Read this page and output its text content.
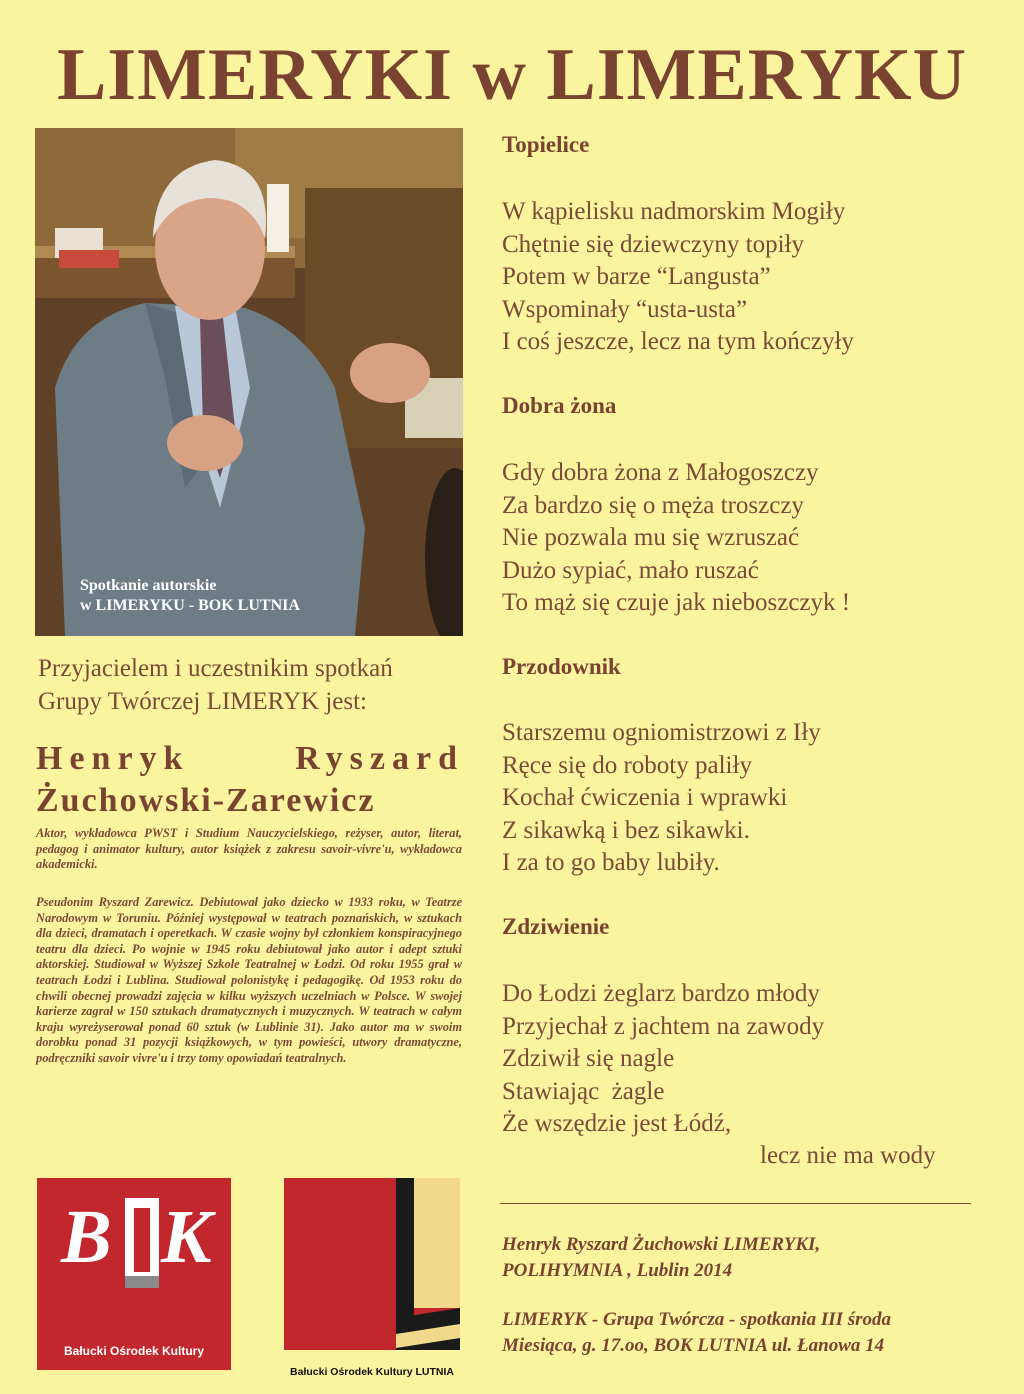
LIMERYKI w LIMERYKU
Spotkanie autorskie
w LIMERYKU - BOK LUTNIA
Przyjacielem i uczestnikim spotkań
Grupy Twórczej LIMERYK jest:
Henryk Ryszard
Żuchowski-Zarewicz
Aktor, wykładowca PWST i Studium Nauczycielskiego, reżyser, autor, literat, pedagog i animator kultury, autor książek z zakresu savoir-vivre'u, wykładowca akademicki.
Pseudonim Ryszard Zarewicz. Debiutował jako dziecko w 1933 roku, w Teatrze Narodowym w Toruniu. Później występował w teatrach poznańskich, w sztukach dla dzieci, dramatach i operetkach. W czasie wojny był członkiem konspiracyjnego teatru dla dzieci. Po wojnie w 1945 roku debiutował jako autor i adept sztuki aktorskiej. Studiował w Wyższej Szkole Teatralnej w Łodzi. Od roku 1955 grał w teatrach Łodzi i Lublina. Studiował polonistykę i pedagogikę. Od 1953 roku do chwili obecnej prowadzi zajęcia w kilku wyższych uczelniach w Polsce. W swojej karierze zagrał w 150 sztukach dramatycznych i muzycznych. W teatrach w całym kraju wyreżyserował ponad 60 sztuk (w Lublinie 31). Jako autor ma w swoim dorobku ponad 31 pozycji książkowych, w tym powieści, utwory dramatyczne, podręczniki savoir vivre'u i trzy tomy opowiadań teatralnych.
B K
Bałucki Ośrodek Kultury
Bałucki Ośrodek Kultury LUTNIA
Topielice
W kąpielisku nadmorskim Mogiły
Chętnie się dziewczyny topiły
Potem w barze “Langusta”
Wspominały “usta-usta”
I coś jeszcze, lecz na tym kończyły
Dobra żona
Gdy dobra żona z Małogoszczy
Za bardzo się o męża troszczy
Nie pozwala mu się wzruszać
Dużo sypiać, mało ruszać
To mąż się czuje jak nieboszczyk !
Przodownik
Starszemu ogniomistrzowi z Iły
Ręce się do roboty paliły
Kochał ćwiczenia i wprawki
Z sikawką i bez sikawki.
I za to go baby lubiły.
Zdziwienie
Do Łodzi żeglarz bardzo młody
Przyjechał z jachtem na zawody
Zdziwił się nagle
Stawiając  żagle
Że wszędzie jest Łódź,
lecz nie ma wody
Henryk Ryszard Żuchowski LIMERYKI,
POLIHYMNIA , Lublin 2014
LIMERYK - Grupa Twórcza - spotkania III środa
Miesiąca, g. 17.oo, BOK LUTNIA ul. Łanowa 14
